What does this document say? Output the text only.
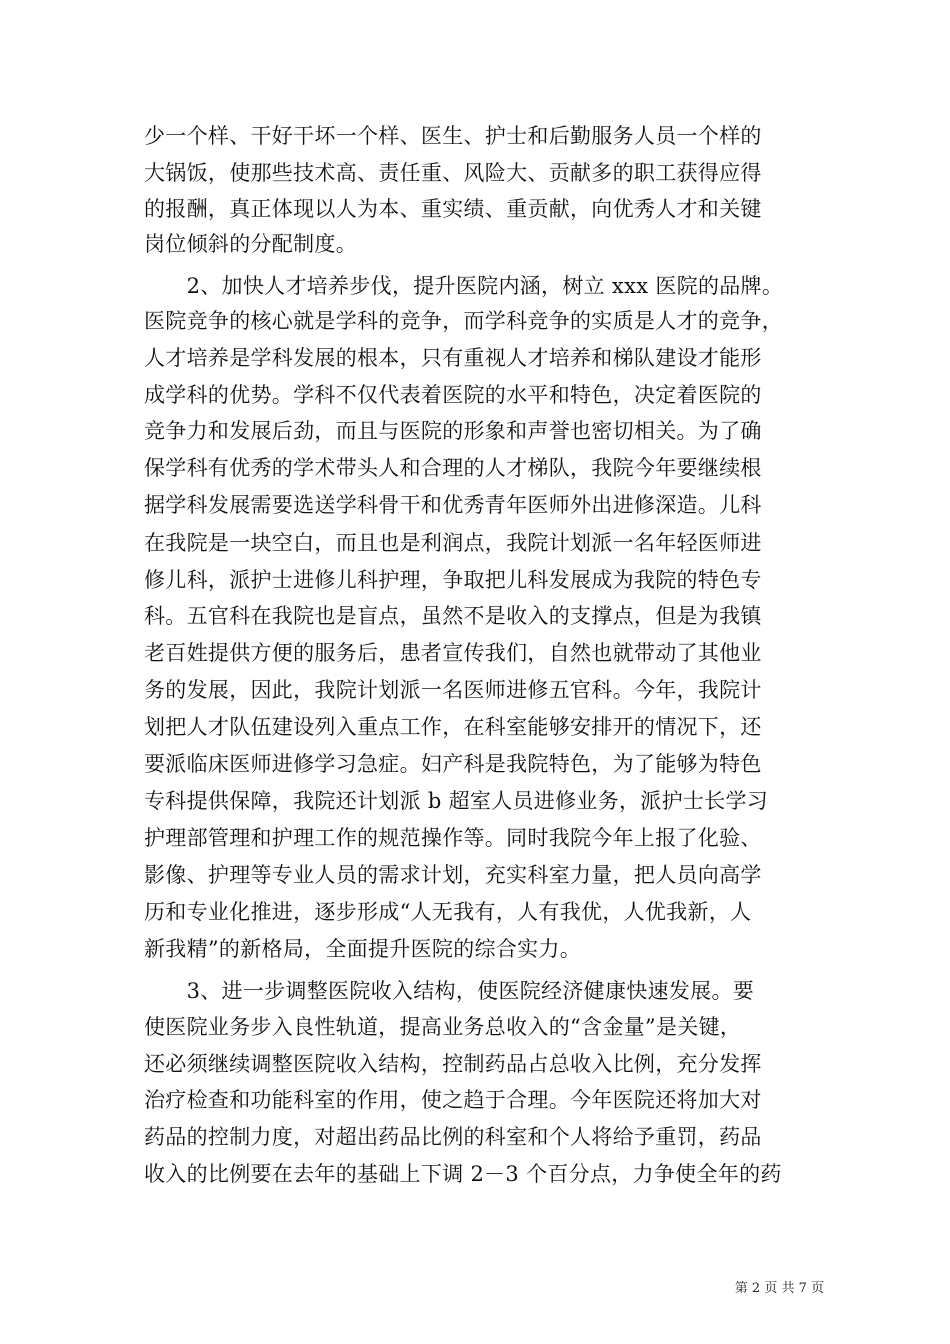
少一个样、干好干坏一个样、医生、护士和后勤服务人员一个样的
大锅饭，使那些技术高、责任重、风险大、贡献多的职工获得应得
的报酬，真正体现以人为本、重实绩、重贡献，向优秀人才和关键
岗位倾斜的分配制度。
　　2、加快人才培养步伐，提升医院内涵，树立 xxx 医院的品牌。
医院竞争的核心就是学科的竞争，而学科竞争的实质是人才的竞争，
人才培养是学科发展的根本，只有重视人才培养和梯队建设才能形
成学科的优势。学科不仅代表着医院的水平和特色，决定着医院的
竞争力和发展后劲，而且与医院的形象和声誉也密切相关。为了确
保学科有优秀的学术带头人和合理的人才梯队，我院今年要继续根
据学科发展需要选送学科骨干和优秀青年医师外出进修深造。儿科
在我院是一块空白，而且也是利润点，我院计划派一名年轻医师进
修儿科，派护士进修儿科护理，争取把儿科发展成为我院的特色专
科。五官科在我院也是盲点，虽然不是收入的支撑点，但是为我镇
老百姓提供方便的服务后，患者宣传我们，自然也就带动了其他业
务的发展，因此，我院计划派一名医师进修五官科。今年，我院计
划把人才队伍建设列入重点工作，在科室能够安排开的情况下，还
要派临床医师进修学习急症。妇产科是我院特色，为了能够为特色
专科提供保障，我院还计划派 b 超室人员进修业务，派护士长学习
护理部管理和护理工作的规范操作等。同时我院今年上报了化验、
影像、护理等专业人员的需求计划，充实科室力量，把人员向高学
历和专业化推进，逐步形成“人无我有，人有我优，人优我新，人
新我精”的新格局，全面提升医院的综合实力。
　　3、进一步调整医院收入结构，使医院经济健康快速发展。要
使医院业务步入良性轨道，提高业务总收入的“含金量”是关键，
还必须继续调整医院收入结构，控制药品占总收入比例，充分发挥
治疗检查和功能科室的作用，使之趋于合理。今年医院还将加大对
药品的控制力度，对超出药品比例的科室和个人将给予重罚，药品
收入的比例要在去年的基础上下调 2－3 个百分点，力争使全年的药
第 2 页 共 7 页
